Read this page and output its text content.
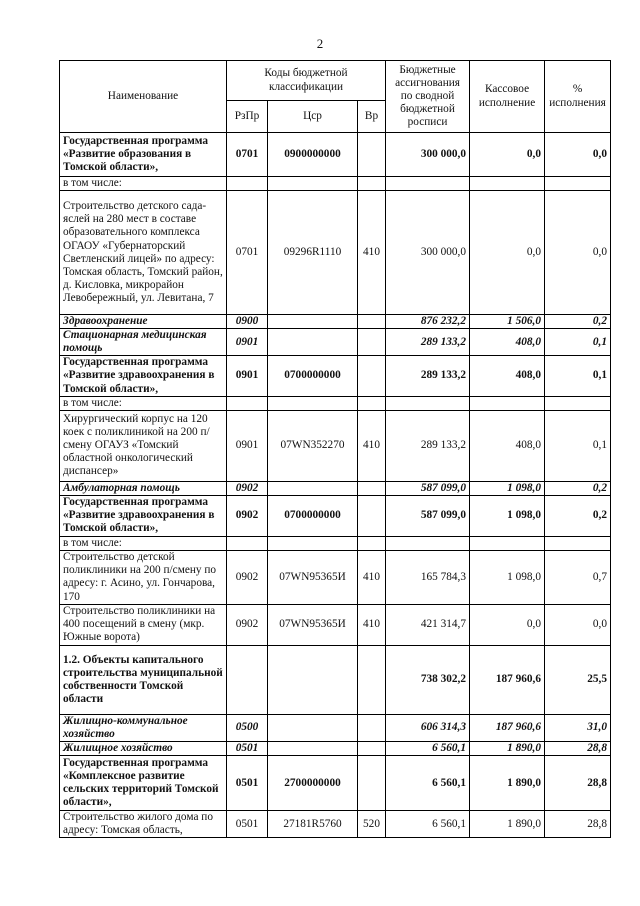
2
Наименование	Коды бюджетной классификации			Бюджетные ассигнования по сводной бюджетной росписи	Кассовое исполнение	% исполнения
	РзПр	Цср	Вр			
Государственная программа «Развитие образования в Томской области»,	0701	0900000000		300 000,0	0,0	0,0
в том числе:						
Строительство детского сада-яслей на 280 мест в составе образовательного комплекса ОГАОУ «Губернаторский Светленский лицей» по адресу: Томская область, Томский район, д. Кисловка, микрорайон Левобережный, ул. Левитана, 7	0701	09296R1110	410	300 000,0	0,0	0,0
Здравоохранение	0900			876 232,2	1 506,0	0,2
Стационарная медицинская помощь	0901			289 133,2	408,0	0,1
Государственная программа «Развитие здравоохранения в Томской области»,	0901	0700000000		289 133,2	408,0	0,1
в том числе:						
Хирургический корпус на 120 коек с поликлиникой на 200 п/смену ОГАУЗ «Томский областной онкологический диспансер»	0901	07WN352270	410	289 133,2	408,0	0,1
Амбулаторная помощь	0902			587 099,0	1 098,0	0,2
Государственная программа «Развитие здравоохранения в Томской области»,	0902	0700000000		587 099,0	1 098,0	0,2
в том числе:						
Строительство детской поликлиники на 200 п/смену по адресу: г. Асино, ул. Гончарова, 170	0902	07WN95365И	410	165 784,3	1 098,0	0,7
Строительство поликлиники на 400 посещений в смену (мкр. Южные ворота)	0902	07WN95365И	410	421 314,7	0,0	0,0
1.2. Объекты капитального строительства муниципальной собственности Томской области				738 302,2	187 960,6	25,5
Жилищно-коммунальное хозяйство	0500			606 314,3	187 960,6	31,0
Жилищное хозяйство	0501			6 560,1	1 890,0	28,8
Государственная программа «Комплексное развитие сельских территорий Томской области»,	0501	2700000000		6 560,1	1 890,0	28,8
Строительство жилого дома по адресу: Томская область,	0501	27181R5760	520	6 560,1	1 890,0	28,8
